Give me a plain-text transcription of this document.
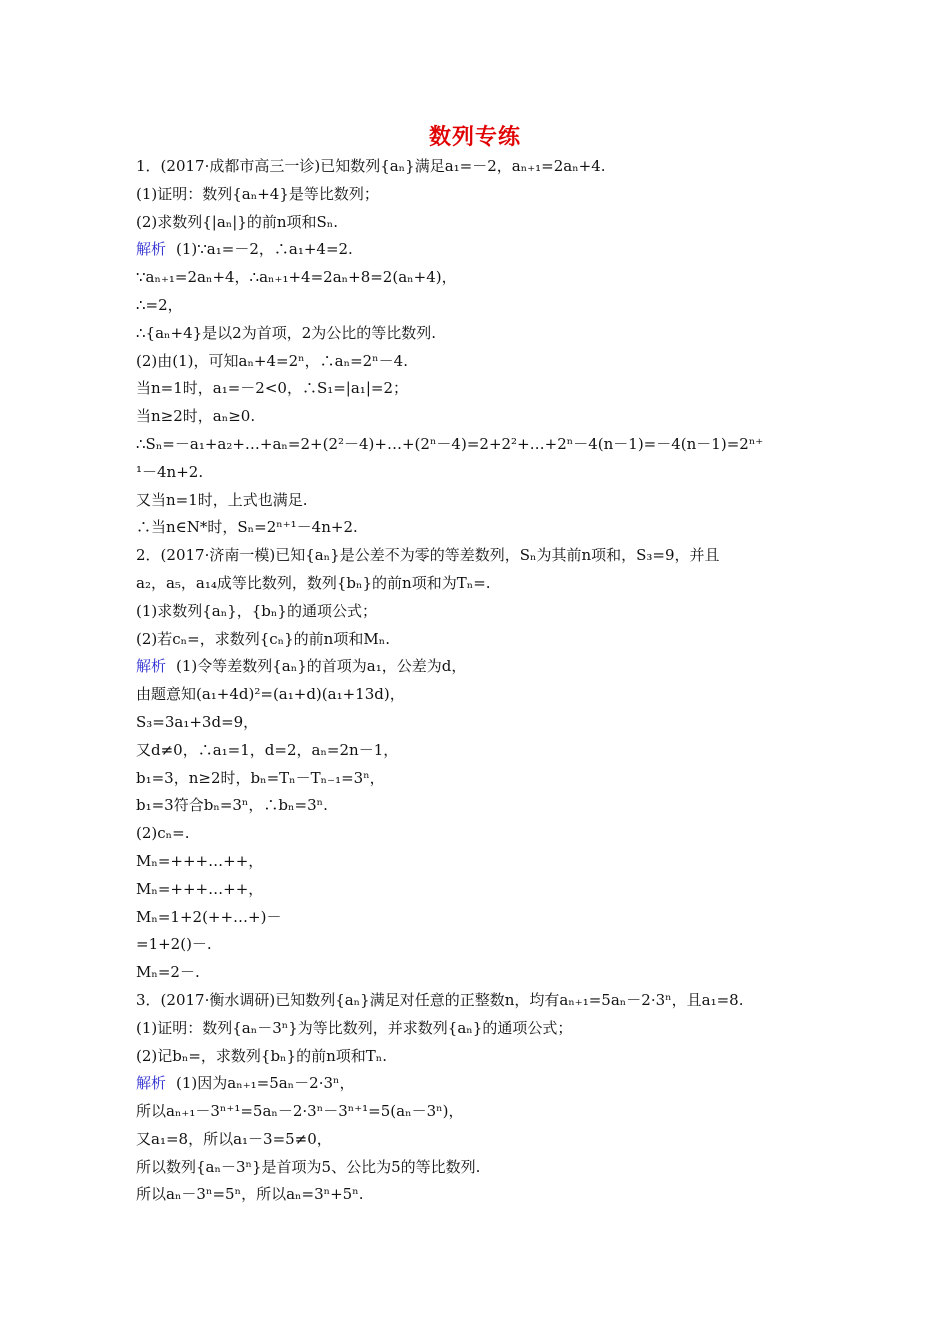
数列专练
1．(2017·成都市高三一诊)已知数列{aₙ}满足a₁=－2，aₙ₊₁=2aₙ+4.
(1)证明：数列{aₙ+4}是等比数列；
(2)求数列{|aₙ|}的前n项和Sₙ.
解析 (1)∵a₁=－2，∴a₁+4=2.
∵aₙ₊₁=2aₙ+4，∴aₙ₊₁+4=2aₙ+8=2(aₙ+4)，
∴=2，
∴{aₙ+4}是以2为首项，2为公比的等比数列.
(2)由(1)，可知aₙ+4=2ⁿ，∴aₙ=2ⁿ－4.
当n=1时，a₁=－2<0，∴S₁=|a₁|=2；
当n≥2时，aₙ≥0.
∴Sₙ=－a₁+a₂+…+aₙ=2+(2²－4)+…+(2ⁿ－4)=2+2²+…+2ⁿ－4(n－1)=－4(n－1)=2ⁿ⁺
¹－4n+2.
又当n=1时，上式也满足.
∴当n∈N*时，Sₙ=2ⁿ⁺¹－4n+2.
2．(2017·济南一模)已知{aₙ}是公差不为零的等差数列，Sₙ为其前n项和，S₃=9，并且
a₂，a₅，a₁₄成等比数列，数列{bₙ}的前n项和为Tₙ=.
(1)求数列{aₙ}，{bₙ}的通项公式；
(2)若cₙ=，求数列{cₙ}的前n项和Mₙ.
解析 (1)令等差数列{aₙ}的首项为a₁，公差为d，
由题意知(a₁+4d)²=(a₁+d)(a₁+13d)，
S₃=3a₁+3d=9，
又d≠0，∴a₁=1，d=2，aₙ=2n－1，
b₁=3，n≥2时，bₙ=Tₙ－Tₙ₋₁=3ⁿ，
b₁=3符合bₙ=3ⁿ，∴bₙ=3ⁿ.
(2)cₙ=.
Mₙ=+++…++，
Mₙ=+++…++，
Mₙ=1+2(++…+)－
=1+2()－.
Mₙ=2－.
3．(2017·衡水调研)已知数列{aₙ}满足对任意的正整数n，均有aₙ₊₁=5aₙ－2·3ⁿ，且a₁=8.
(1)证明：数列{aₙ－3ⁿ}为等比数列，并求数列{aₙ}的通项公式；
(2)记bₙ=，求数列{bₙ}的前n项和Tₙ.
解析 (1)因为aₙ₊₁=5aₙ－2·3ⁿ，
所以aₙ₊₁－3ⁿ⁺¹=5aₙ－2·3ⁿ－3ⁿ⁺¹=5(aₙ－3ⁿ)，
又a₁=8，所以a₁－3=5≠0，
所以数列{aₙ－3ⁿ}是首项为5、公比为5的等比数列.
所以aₙ－3ⁿ=5ⁿ，所以aₙ=3ⁿ+5ⁿ.
